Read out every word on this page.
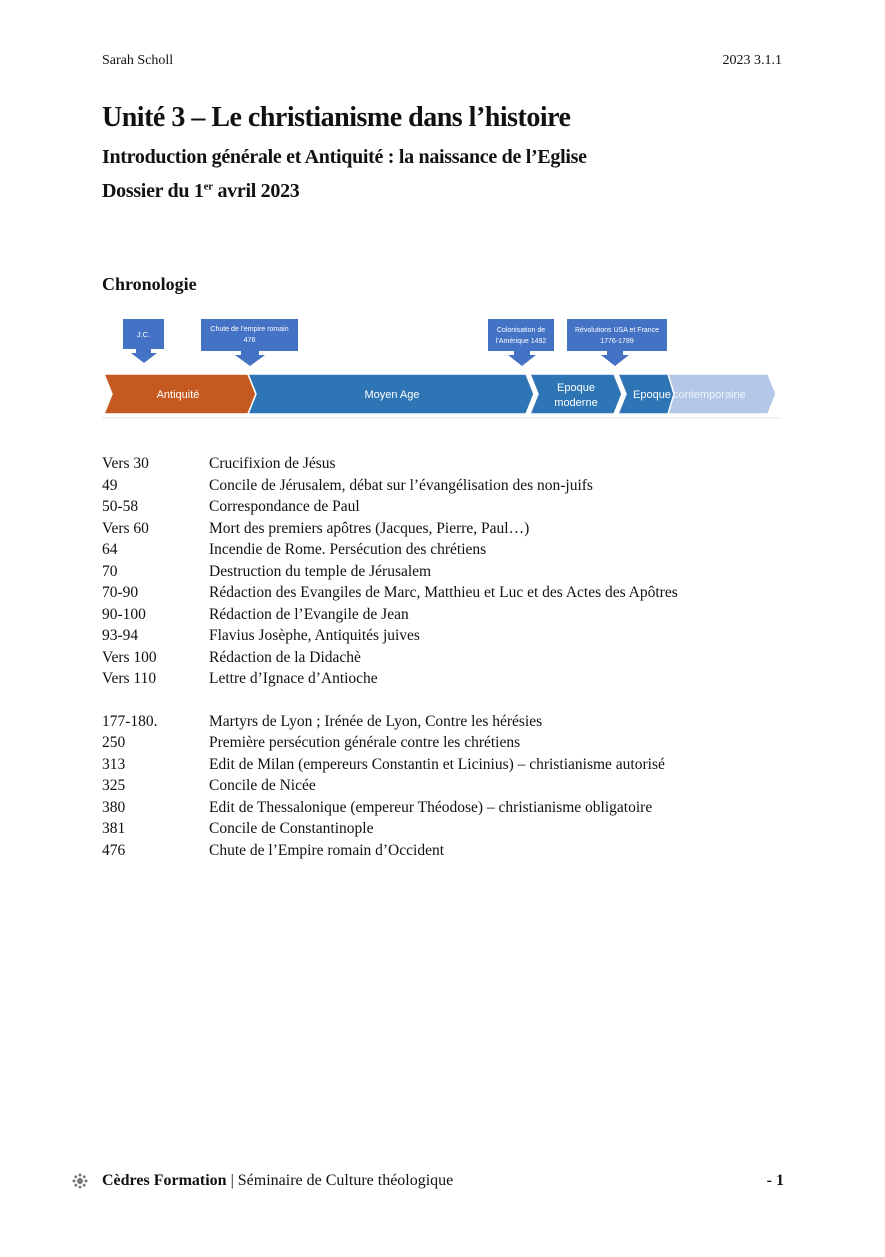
Sarah Scholl	2023 3.1.1
Unité 3 – Le christianisme dans l’histoire
Introduction générale et Antiquité : la naissance de l’Eglise
Dossier du 1er avril 2023
Chronologie
Antiquité	Moyen Age
Epoque
moderne
Epoque contemporaine
J.C.
Chute de l’empire romain
476
Colonisation de
l’Amérique 1492
Révolutions USA et France
1776-1789
Vers 30	Crucifixion de Jésus
49	Concile de Jérusalem, débat sur l’évangélisation des non-juifs
50-58	Correspondance de Paul
Vers 60	Mort des premiers apôtres (Jacques, Pierre, Paul…)
64	Incendie de Rome. Persécution des chrétiens
70	Destruction du temple de Jérusalem
70-90	Rédaction des Evangiles de Marc, Matthieu et Luc et des Actes des Apôtres
90-100	Rédaction de l’Evangile de Jean
93-94	Flavius Josèphe, Antiquités juives
Vers 100	Rédaction de la Didachè
Vers 110	Lettre d’Ignace d’Antioche
177-180.	Martyrs de Lyon ; Irénée de Lyon, Contre les hérésies
250	Première persécution générale contre les chrétiens
313	Edit de Milan (empereurs Constantin et Licinius) – christianisme autorisé
325	Concile de Nicée
380	Edit de Thessalonique (empereur Théodose) – christianisme obligatoire
381	Concile de Constantinople
476	Chute de l’Empire romain d’Occident
Cèdres Formation | Séminaire de Culture théologique	- 1
